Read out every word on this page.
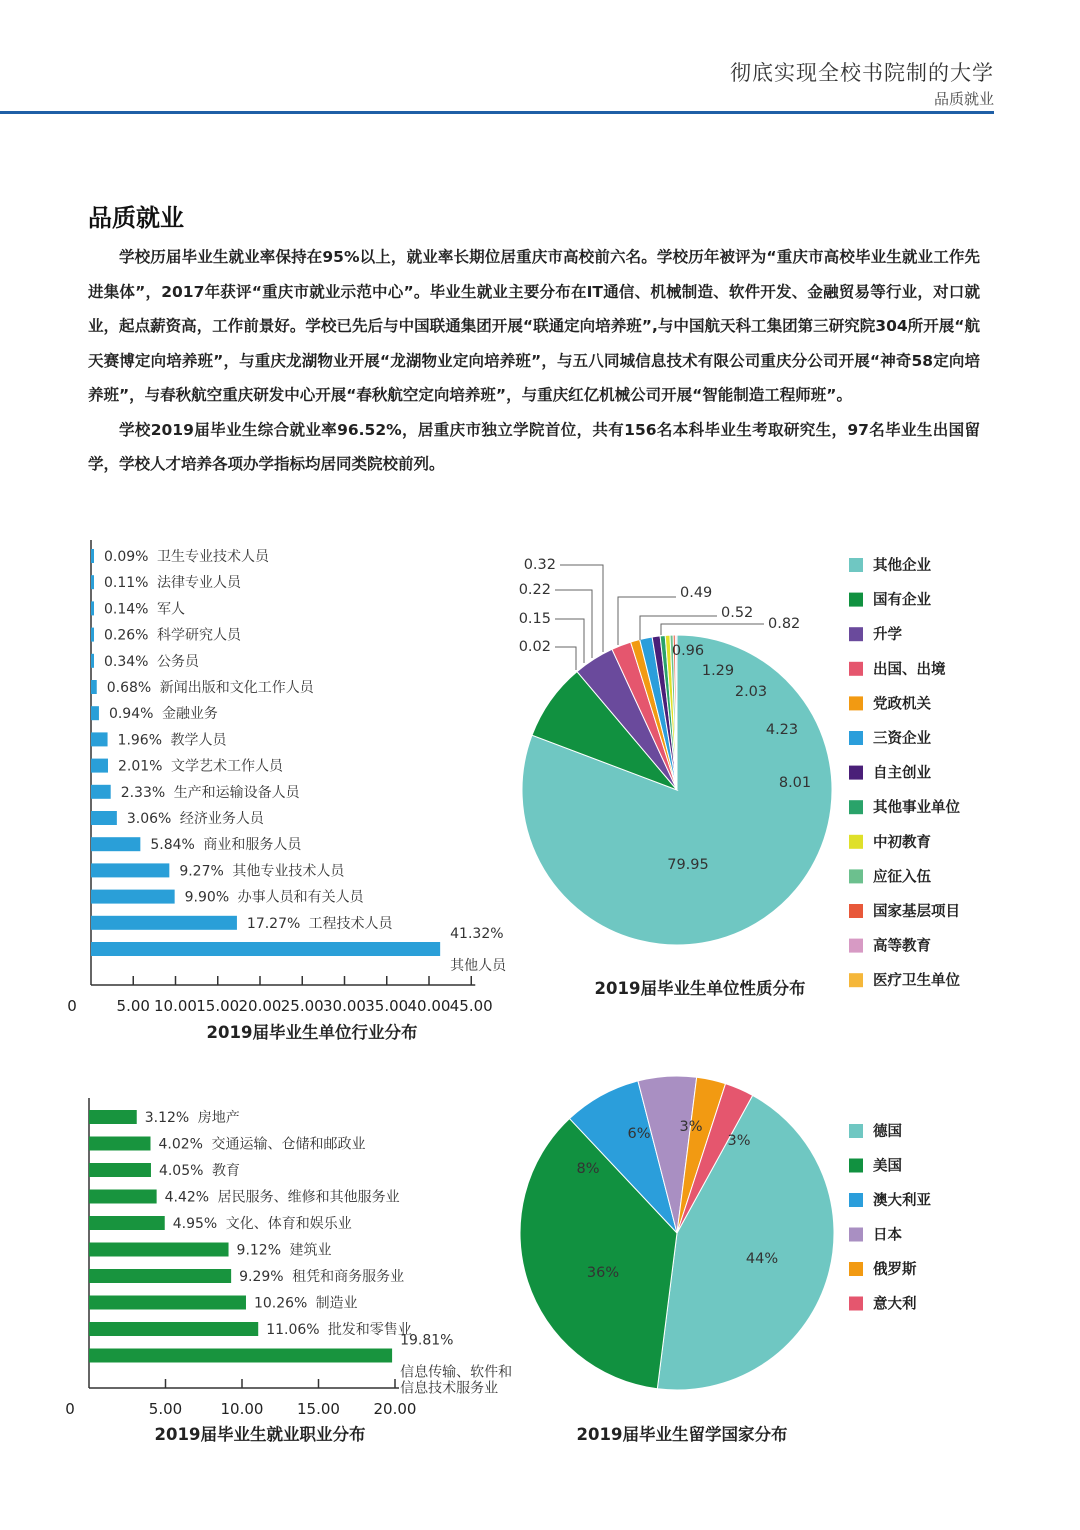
彻底实现全校书院制的大学
品质就业
品质就业

学校历届毕业生就业率保持在95%以上，就业率长期位居重庆市高校前六名。学校历年被评为“重庆市高校毕业生就业工作先进集体”，2017年获评“重庆市就业示范中心”。毕业生就业主要分布在IT通信、机械制造、软件开发、金融贸易等行业，对口就业，起点薪资高，工作前景好。学校已先后与中国联通集团开展“联通定向培养班”,与中国航天科工集团第三研究院304所开展“航天赛博定向培养班”，与重庆龙湖物业开展“龙湖物业定向培养班”，与五八同城信息技术有限公司重庆分公司开展“神奇58定向培养班”，与春秋航空重庆研发中心开展“春秋航空定向培养班”，与重庆红亿机械公司开展“智能制造工程师班”。

学校2019届毕业生综合就业率96.52%，居重庆市独立学院首位，共有156名本科毕业生考取研究生，97名毕业生出国留学，学校人才培养各项办学指标均居同类院校前列。

0	5.00 10.00 15.00 20.00 25.00 30.00 35.00 40.00 45.00
0.09% 卫生专业技术人员
0.11% 法律专业人员
0.14% 军人
0.26% 科学研究人员
0.34% 公务员
0.68% 新闻出版和文化工作人员
0.94% 金融业务
1.96% 教学人员
2.01% 文学艺术工作人员
2.33% 生产和运输设备人员
3.06% 经济业务人员
5.84% 商业和服务人员
9.27% 其他专业技术人员
9.90% 办事人员和有关人员
17.27% 工程技术人员
41.32%
其他人员
2019届毕业生单位行业分布
0	5.00	10.00 15.00 20.00
3.12% 房地产
4.02% 交通运输、仓储和邮政业
4.05% 教育
4.42% 居民服务、维修和其他服务业
4.95% 文化、体育和娱乐业
9.12% 建筑业
9.29% 租凭和商务服务业
10.26% 制造业
11.06% 批发和零售业
19.81%
信息传输、软件和
信息技术服务业
2019届毕业生就业职业分布
79.95
8.01
4.23
2.03
0.96
1.29
0.82
0.52
0.49
0.32
0.22
0.15
0.02
其他企业
国有企业
升学
出国、出境
党政机关
三资企业
自主创业
其他事业单位
中初教育
应征入伍
国家基层项目
高等教育
医疗卫生单位
2019届毕业生单位性质分布
44%
36%
8%
6% 3%
3%
德国
美国
澳大利亚
日本
俄罗斯
意大利
2019届毕业生留学国家分布
